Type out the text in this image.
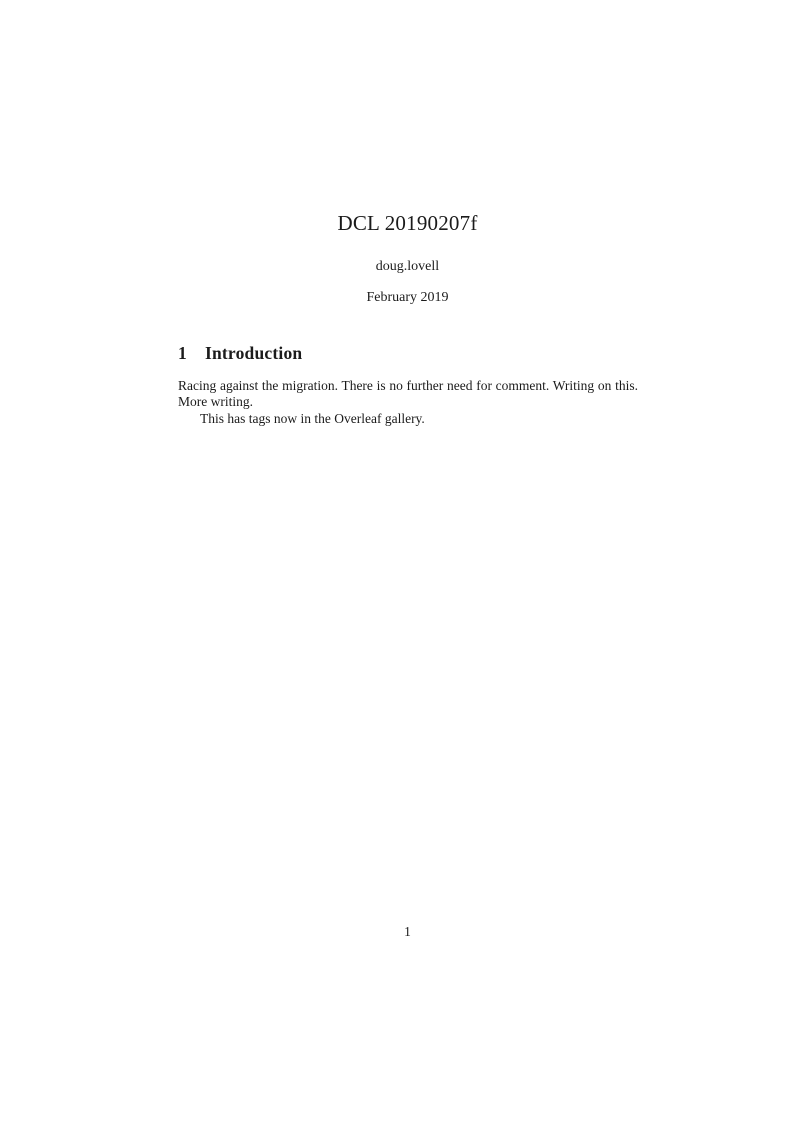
DCL 20190207f
doug.lovell
February 2019
1 Introduction

Racing against the migration. There is no further need for comment. Writing on this. More writing.

This has tags now in the Overleaf gallery.

1
